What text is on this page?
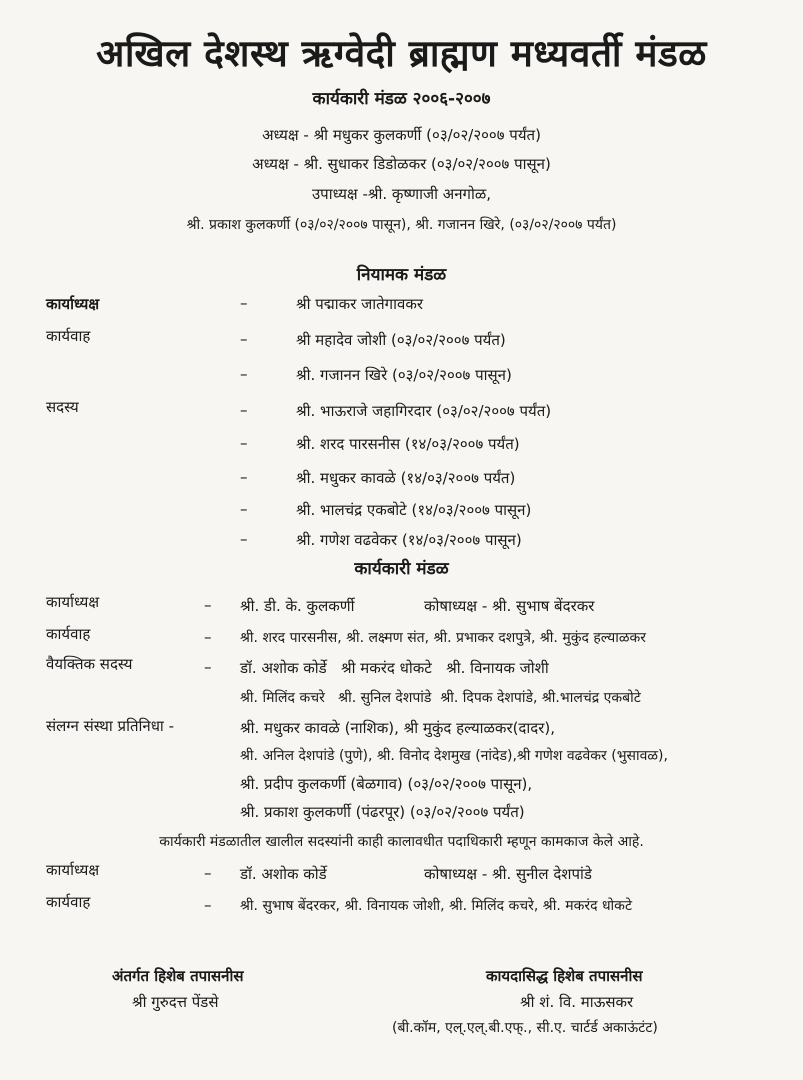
अखिल देशस्थ ऋग्वेदी ब्राह्मण मध्यवर्ती मंडळ
कार्यकारी मंडळ २००६-२००७
अध्यक्ष - श्री मधुकर कुलकर्णी (०३/०२/२००७ पर्यंत)
अध्यक्ष - श्री. सुधाकर डिडोळकर (०३/०२/२००७ पासून)
उपाध्यक्ष -श्री. कृष्णाजी अनगोळ,
श्री. प्रकाश कुलकर्णी (०३/०२/२००७ पासून), श्री. गजानन खिरे, (०३/०२/२००७ पर्यंत)
नियामक मंडळ
कार्याध्यक्ष	–	श्री पद्माकर जातेगावकर
कार्यवाह	–	श्री महादेव जोशी (०३/०२/२००७ पर्यंत)
–	श्री. गजानन खिरे (०३/०२/२००७ पासून)
सदस्य	–	श्री. भाऊराजे जहागिरदार (०३/०२/२००७ पर्यंत)
–	श्री. शरद पारसनीस (१४/०३/२००७ पर्यंत)
–	श्री. मधुकर कावळे (१४/०३/२००७ पर्यंत)
–	श्री. भालचंद्र एकबोटे (१४/०३/२००७ पासून)
–	श्री. गणेश वढवेकर (१४/०३/२००७ पासून)
कार्यकारी मंडळ
कार्याध्यक्ष	– श्री. डी. के. कुलकर्णी	कोषाध्यक्ष - श्री. सुभाष बेंदरकर
कार्यवाह	– श्री. शरद पारसनीस, श्री. लक्ष्मण संत, श्री. प्रभाकर दशपुत्रे, श्री. मुकुंद हल्याळकर
वैयक्तिक सदस्य	– डॉ. अशोक कोर्डे   श्री मकरंद धोकटे   श्री. विनायक जोशी
श्री. मिलिंद कचरे   श्री. सुनिल देशपांडे  श्री. दिपक देशपांडे, श्री.भालचंद्र एकबोटे
संलग्न संस्था प्रतिनिधा -	श्री. मधुकर कावळे (नाशिक), श्री मुकुंद हल्याळकर(दादर),
श्री. अनिल देशपांडे (पुणे), श्री. विनोद देशमुख (नांदेड),श्री गणेश वढवेकर (भुसावळ),
श्री. प्रदीप कुलकर्णी (बेळगाव) (०३/०२/२००७ पासून),
श्री. प्रकाश कुलकर्णी (पंढरपूर) (०३/०२/२००७ पर्यंत)
कार्यकारी मंडळातील खालील सदस्यांनी काही कालावधीत पदाधिकारी म्हणून कामकाज केले आहे.
कार्याध्यक्ष	– डॉ. अशोक कोर्डे	कोषाध्यक्ष - श्री. सुनील देशपांडे
कार्यवाह	– श्री. सुभाष बेंदरकर, श्री. विनायक जोशी, श्री. मिलिंद कचरे, श्री. मकरंद धोकटे
अंतर्गत हिशेब तपासनीस
श्री गुरुदत्त पेंडसे
कायदासिद्ध हिशेब तपासनीस
श्री शं. वि. माऊसकर
(बी.कॉम, एल्.एल्.बी.एफ्., सी.ए. चार्टर्ड अकाऊंटंट)
